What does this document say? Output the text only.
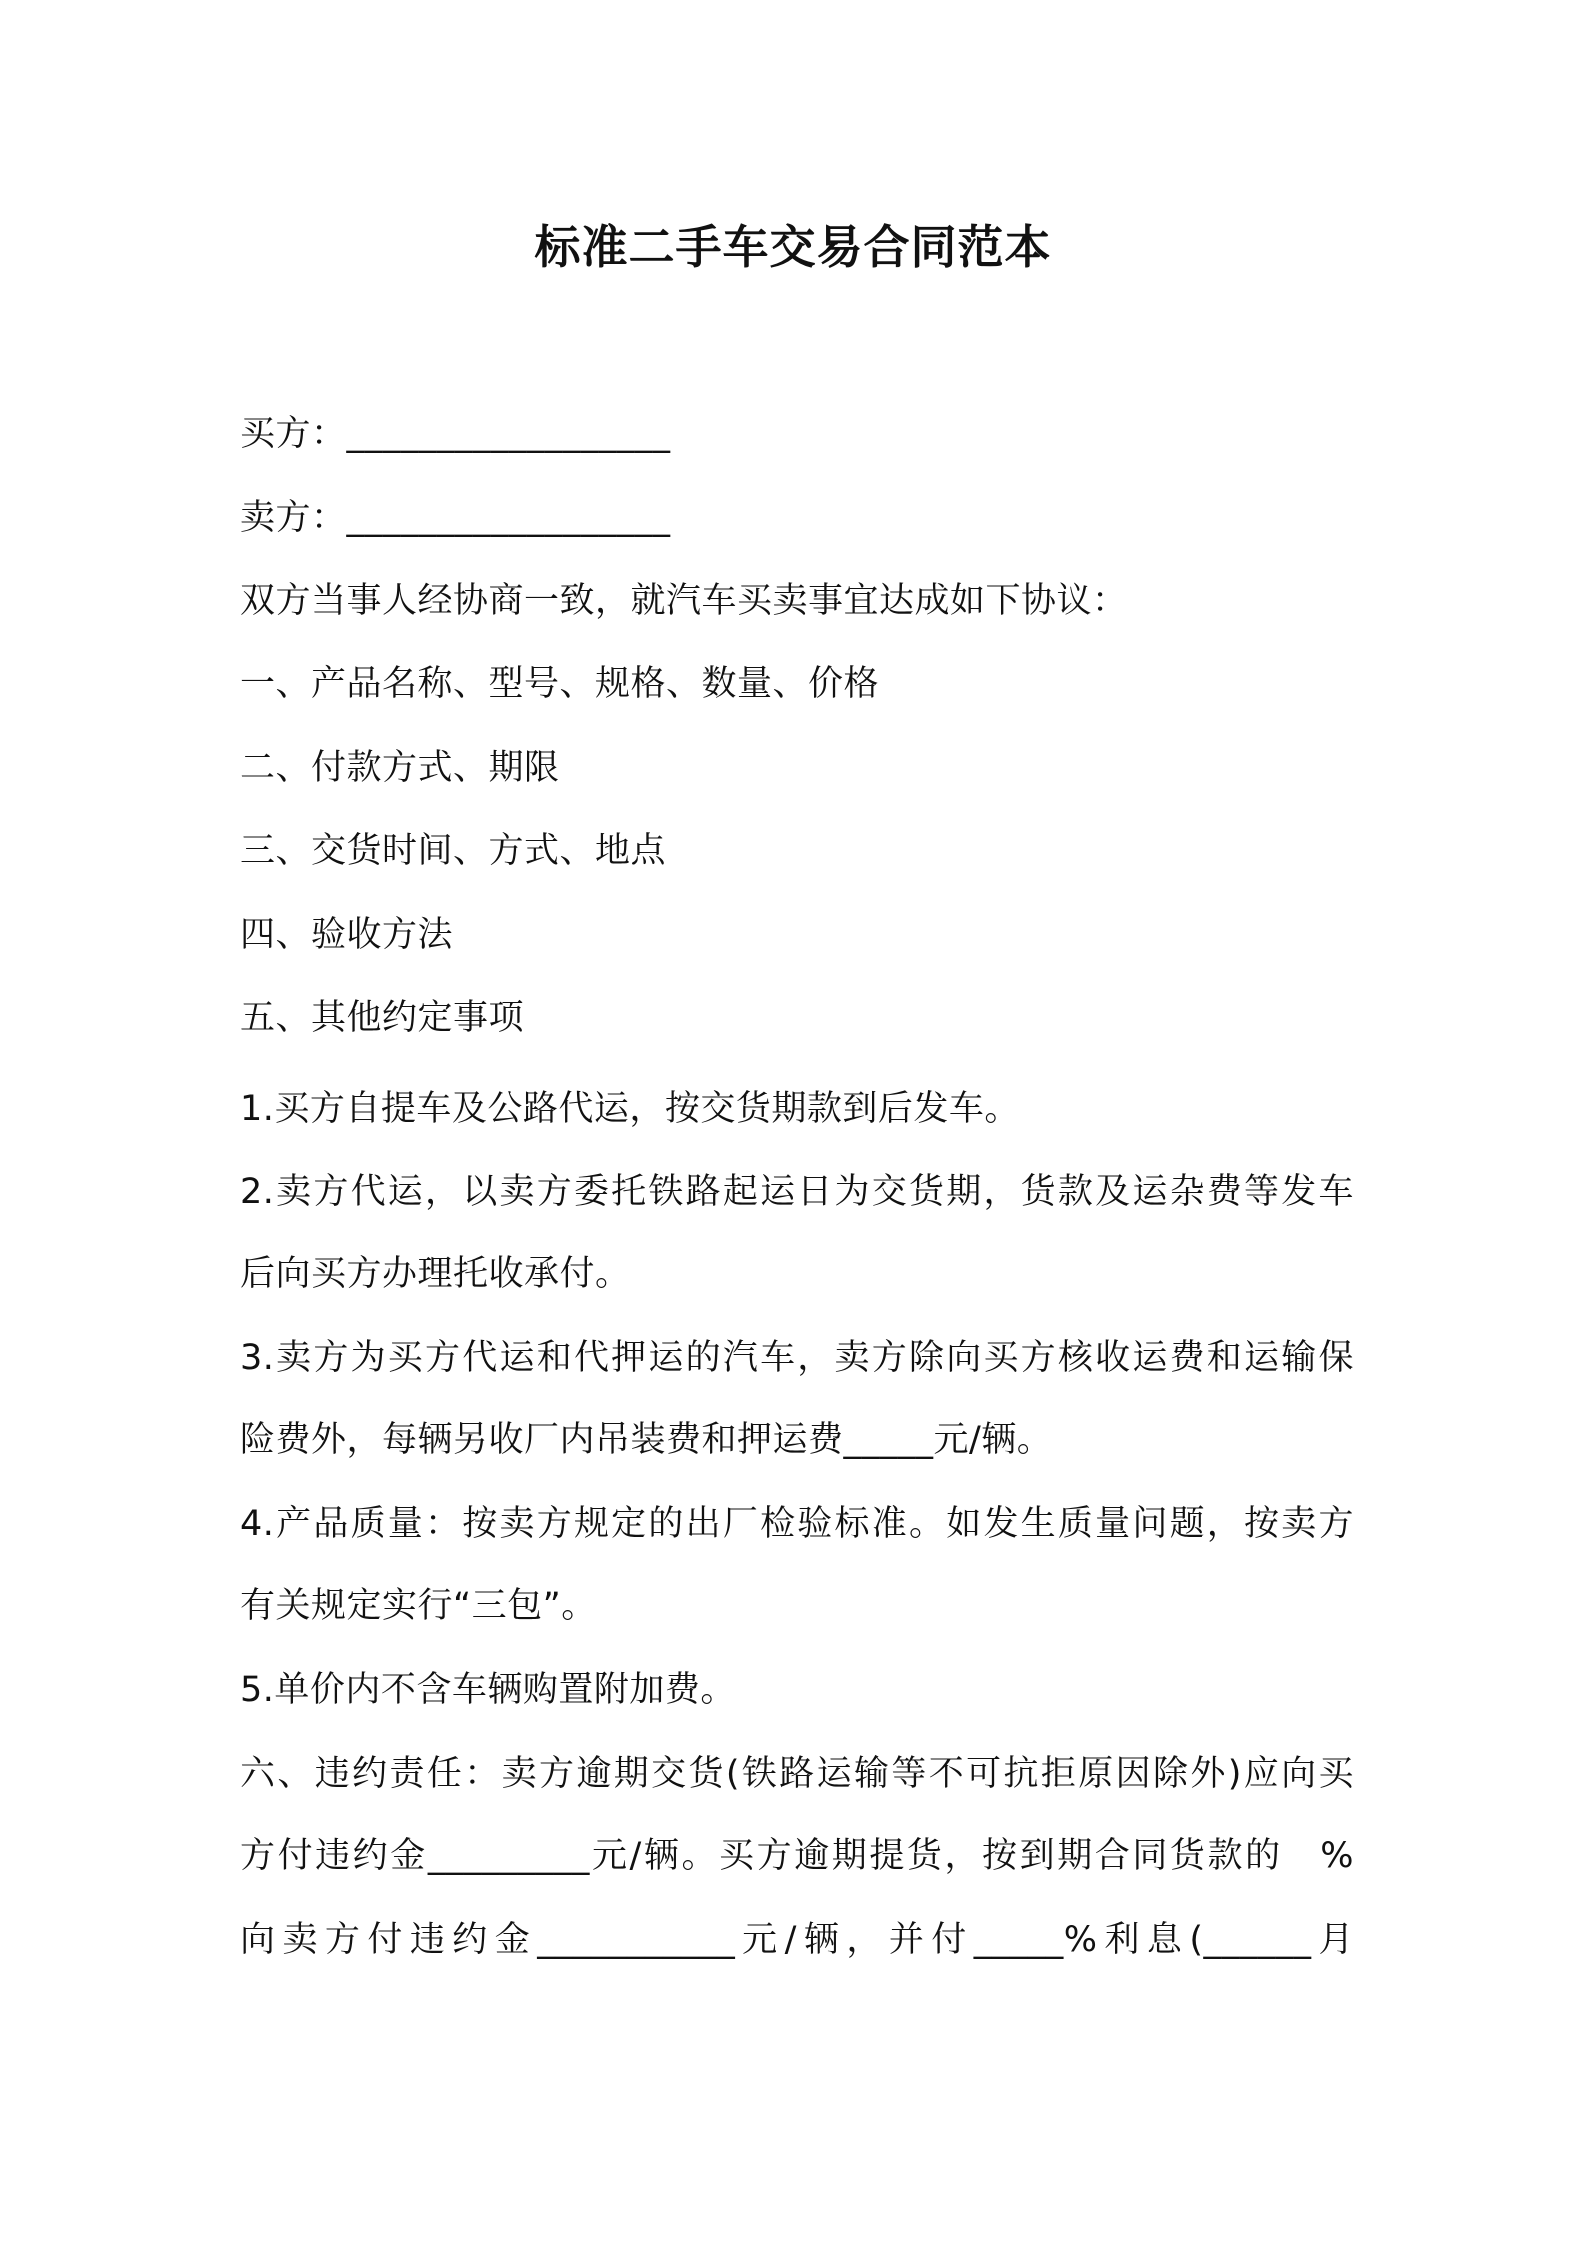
标准二手车交易合同范本
买方：__________________
卖方：__________________
双方当事人经协商一致，就汽车买卖事宜达成如下协议：
一、产品名称、型号、规格、数量、价格
二、付款方式、期限
三、交货时间、方式、地点
四、验收方法
五、其他约定事项
1.买方自提车及公路代运，按交货期款到后发车。
2.卖方代运，以卖方委托铁路起运日为交货期，货款及运杂费等发车
后向买方办理托收承付。
3.卖方为买方代运和代押运的汽车，卖方除向买方核收运费和运输保
险费外，每辆另收厂内吊装费和押运费_____元/辆。
4.产品质量：按卖方规定的出厂检验标准。如发生质量问题，按卖方
有关规定实行“三包”。
5.单价内不含车辆购置附加费。
六、违约责任：卖方逾期交货(铁路运输等不可抗拒原因除外)应向买
方付违约金_________元/辆。买方逾期提货，按到期合同货款的　%
向卖方付违约金___________元/辆，并付_____%利息(______月
